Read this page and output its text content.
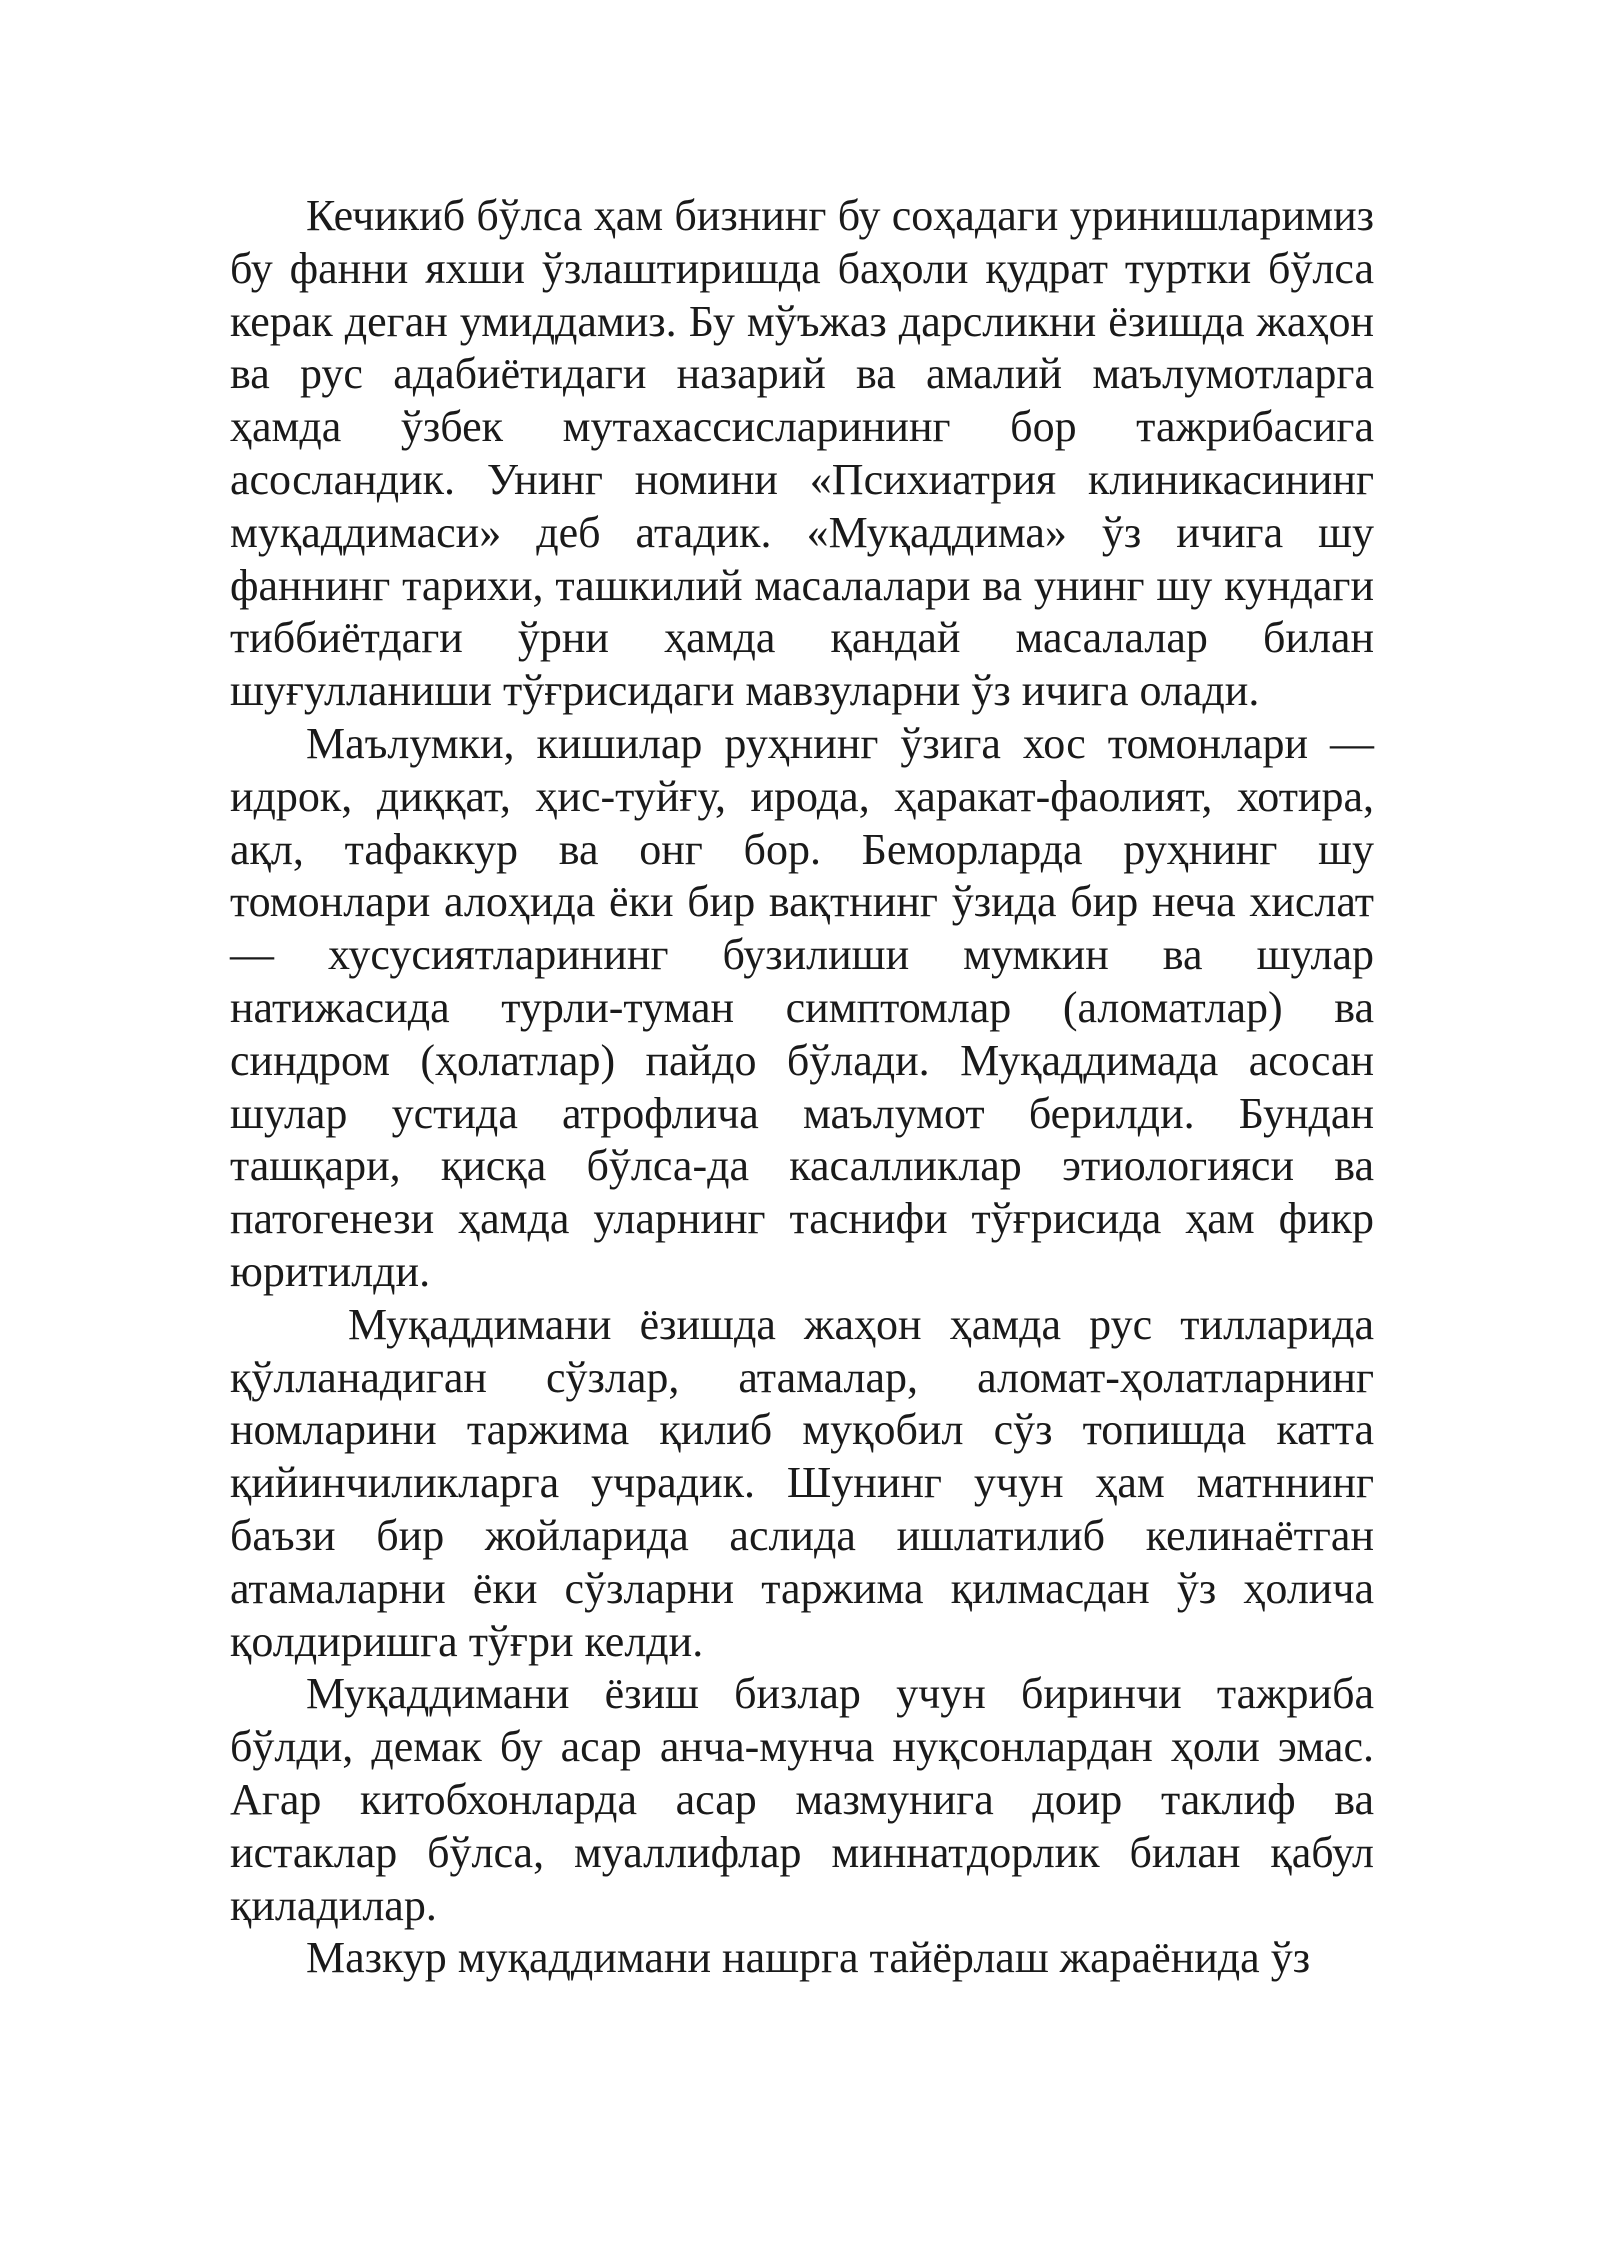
Кечикиб бўлса ҳам бизнинг бу соҳадаги уринишларимиз бу фанни яхши ўзлаштиришда баҳоли қудрат туртки бўлса керак деган умиддамиз. Бу мўъжаз дарсликни ёзишда жаҳон ва рус адабиётидаги назарий ва амалий маълумотларга ҳамда ўзбек мутахассисларининг бор тажрибасига асосландик. Унинг номини «Психиатрия клиникасининг муқаддимаси» деб атадик. «Муқаддима» ўз ичига шу фаннинг тарихи, ташкилий масалалари ва унинг шу кундаги тиббиётдаги ўрни ҳамда қандай масалалар билан шуғулланиши тўғрисидаги мавзуларни ўз ичига олади.

Маълумки, кишилар руҳнинг ўзига хос томонлари — идрок, диққат, ҳис-туйғу, ирода, ҳаракат-фаолият, хотира, ақл, тафаккур ва онг бор. Беморларда руҳнинг шу томонлари алоҳида ёки бир вақтнинг ўзида бир неча хислат — хусусиятларининг бузилиши мумкин ва шулар натижасида турли-туман симптомлар (аломатлар) ва синдром (ҳолатлар) пайдо бўлади. Муқаддимада асосан шулар устида атрофлича маълумот берилди. Бундан ташқари, қисқа бўлса-да касалликлар этиологияси ва патогенези ҳамда уларнинг таснифи тўғрисида ҳам фикр юритилди.

Муқаддимани ёзишда жаҳон ҳамда рус тилларида қўлланадиган сўзлар, атамалар, аломат-ҳолатларнинг номларини таржима қилиб муқобил сўз топишда катта қийинчиликларга учрадик. Шунинг учун ҳам матннинг баъзи бир жойларида аслида ишлатилиб келинаётган атамаларни ёки сўзларни таржима қилмасдан ўз ҳолича қолдиришга тўғри келди.

Муқаддимани ёзиш бизлар учун биринчи тажриба бўлди, демак бу асар анча-мунча нуқсонлардан ҳоли эмас. Агар китобхонларда асар мазмунига доир таклиф ва истаклар бўлса, муаллифлар миннатдорлик билан қабул қиладилар.

Мазкур муқаддимани нашрга тайёрлаш жараёнида ўз
